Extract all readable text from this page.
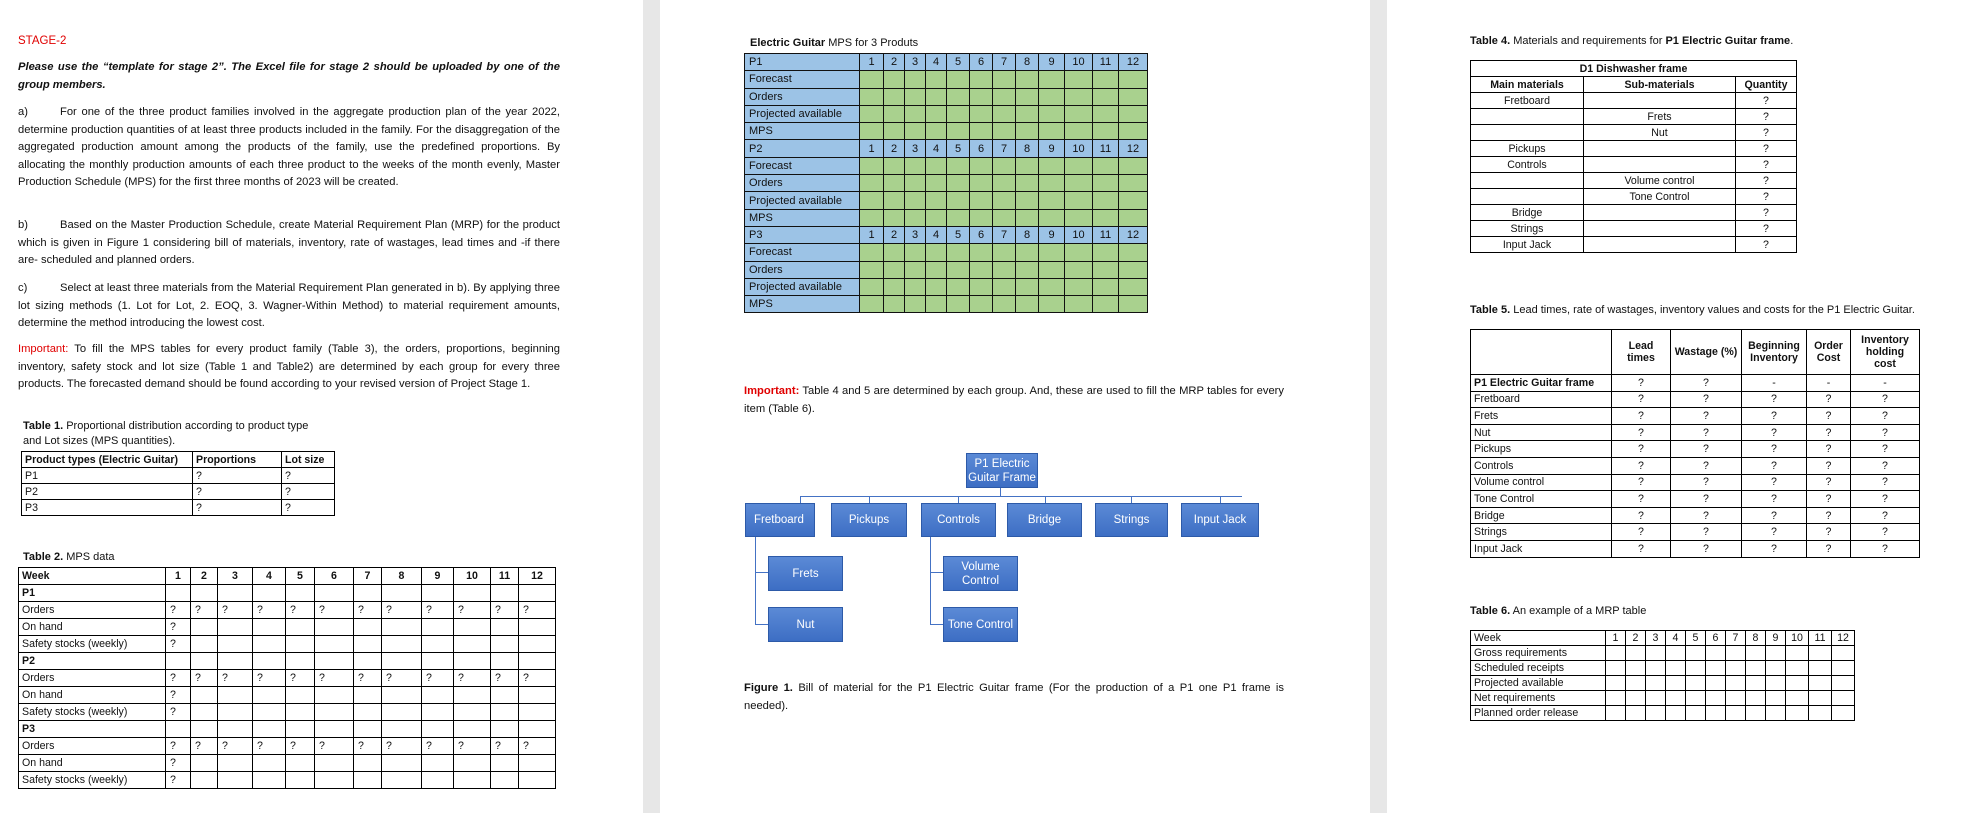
STAGE-2

Please use the “template for stage 2”. The Excel file for stage 2 should be uploaded by one of the group members.

a)	For one of the three product families involved in the aggregate production plan of the year 2022, determine production quantities of at least three products included in the family. For the disaggregation of the aggregated production amount among the products of the family, use the predefined proportions. By allocating the monthly production amounts of each three product to the weeks of the month evenly, Master Production Schedule (MPS) for the first three months of 2023 will be created.

b)	Based on the Master Production Schedule, create Material Requirement Plan (MRP) for the product which is given in Figure 1 considering bill of materials, inventory, rate of wastages, lead times and -if there are- scheduled and planned orders.

c)	Select at least three materials from the Material Requirement Plan generated in b). By applying three lot sizing methods (1. Lot for Lot, 2. EOQ, 3. Wagner-Within Method) to material requirement amounts, determine the method introducing the lowest cost.

Important: To fill the MPS tables for every product family (Table 3), the orders, proportions, beginning inventory, safety stock and lot size (Table 1 and Table2) are determined by each group for every three products. The forecasted demand should be found according to your revised version of Project Stage 1.

Table 1. Proportional distribution according to product type and Lot sizes (MPS quantities).
Product types (Electric Guitar)	Proportions	Lot size
P1	?	?
P2	?	?
P3	?	?
Table 2. MPS data
Week	1	2	3	4	5	6	7	8	9	10	11	12
P1												
Orders	?	?	?	?	?	?	?	?	?	?	?	?
On hand	?											
Safety stocks (weekly)	?											
P2												
Orders	?	?	?	?	?	?	?	?	?	?	?	?
On hand	?											
Safety stocks (weekly)	?											
P3												
Orders	?	?	?	?	?	?	?	?	?	?	?	?
On hand	?											
Safety stocks (weekly)	?											
Electric Guitar MPS for 3 Produts
P1	1	2	3	4	5	6	7	8	9	10	11	12
Forecast												
Orders												
Projected available												
MPS												
P2	1	2	3	4	5	6	7	8	9	10	11	12
Forecast												
Orders												
Projected available												
MPS												
P3	1	2	3	4	5	6	7	8	9	10	11	12
Forecast												
Orders												
Projected available												
MPS												

Important: Table 4 and 5 are determined by each group. And, these are used to fill the MRP tables for every item (Table 6).

P1 Electric Guitar Frame
Fretboard	Pickups	Controls	Bridge	Strings	Input Jack
Frets
Nut
Volume Control
Tone Control

Figure 1. Bill of material for the P1 Electric Guitar frame (For the production of a P1 one P1 frame is needed).

Table 4. Materials and requirements for P1 Electric Guitar frame.
D1 Dishwasher frame		
Main materials	Sub-materials	Quantity
Fretboard		?
	Frets	?
	Nut	?
Pickups		?
Controls		?
	Volume control	?
	Tone Control	?
Bridge		?
Strings		?
Input Jack		?
Table 5. Lead times, rate of wastages, inventory values and costs for the P1 Electric Guitar.
	Lead times	Wastage (%)	Beginning Inventory	Order Cost	Inventory holding cost
P1 Electric Guitar frame	?	?	-	-	-
Fretboard	?	?	?	?	?
Frets	?	?	?	?	?
Nut	?	?	?	?	?
Pickups	?	?	?	?	?
Controls	?	?	?	?	?
Volume control	?	?	?	?	?
Tone Control	?	?	?	?	?
Bridge	?	?	?	?	?
Strings	?	?	?	?	?
Input Jack	?	?	?	?	?
Table 6. An example of a MRP table
Week	1	2	3	4	5	6	7	8	9	10	11	12
Gross requirements												
Scheduled receipts												
Projected available												
Net requirements												
Planned order release												
